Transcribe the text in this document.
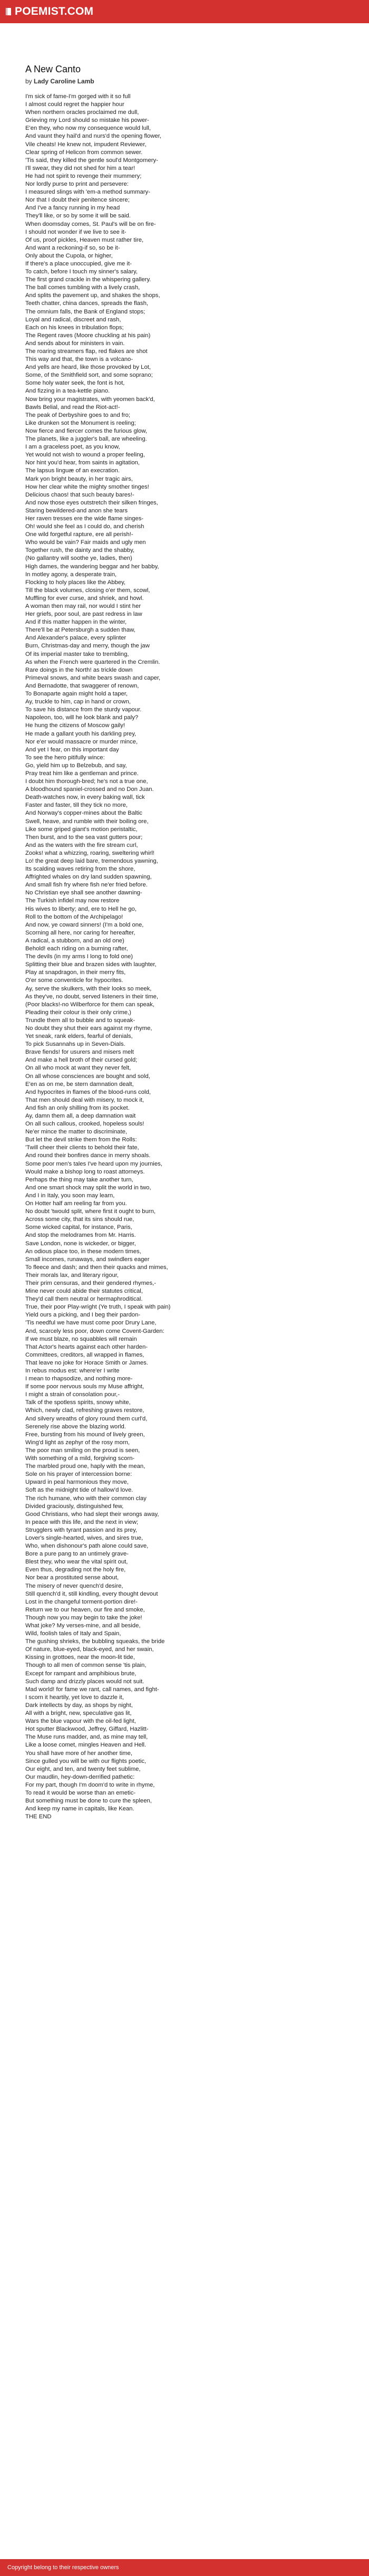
POEMIST.COM
A New Canto
by Lady Caroline Lamb
I'm sick of fame-I'm gorged with it so full
I almost could regret the happier hour
When northern oracles proclaimed me dull,
Grieving my Lord should so mistake his power-
E'en they, who now my consequence would lull,
And vaunt they hail'd and nurs'd the opening flower,
Vile cheats! He knew not, impudent Reviewer,
Clear spring of Helicon from common sewer.
'Tis said, they killed the gentle soul'd Montgomery-
I'll swear, they did not shed for him a tear!
He had not spirit to revenge their mummery;
Nor lordly purse to print and persevere:
I measured slings with 'em-a method summary-
Nor that I doubt their penitence sincere;
And I've a fancy running in my head
They'll like, or so by some it will be said.
When doomsday comes, St. Paul's will be on fire-
I should not wonder if we live to see it-
Of us, proof pickles, Heaven must rather tire,
And want a reckoning-if so, so be it-
Only about the Cupola, or higher,
If there's a place unoccupied, give me it-
To catch, before I touch my sinner's salary,
The first grand crackle in the whispering gallery.
The ball comes tumbling with a lively crash,
And splits the pavement up, and shakes the shops,
Teeth chatter, china dances, spreads the flash,
The omnium falls, the Bank of England stops;
Loyal and radical, discreet and rash,
Each on his knees in tribulation flops;
The Regent raves (Moore chuckling at his pain)
And sends about for ministers in vain.
The roaring streamers flap, red flakes are shot
This way and that, the town is a volcano-
And yells are heard, like those provoked by Lot,
Some, of the Smithfield sort, and some soprano;
Some holy water seek, the font is hot,
And fizzing in a tea-kettle piano.
Now bring your magistrates, with yeomen back'd,
Bawls Belial, and read the Riot-act!-
The peak of Derbyshire goes to and fro;
Like drunken sot the Monument is reeling;
Now fierce and fiercer comes the furious glow,
The planets, like a juggler's ball, are wheeling.
I am a graceless poet, as you know,
Yet would not wish to wound a proper feeling,
Nor hint you'd hear, from saints in agitation,
The lapsus linguæ of an execration.
Mark yon bright beauty, in her tragic airs,
How her clear white the mighty smother tinges!
Delicious chaos! that such beauty bares!-
And now those eyes outstretch their silken fringes,
Staring bewildered-and anon she tears
Her raven tresses ere the wide flame singes-
Oh! would she feel as I could do, and cherish
One wild forgetful rapture, ere all perish!-
Who would be vain? Fair maids and ugly men
Together rush, the dainty and the shabby,
(No gallantry will soothe ye, ladies, then)
High dames, the wandering beggar and her babby,
In motley agony, a desperate train,
Flocking to holy places like the Abbey,
Till the black volumes, closing o'er them, scowl,
Muffling for ever curse, and shriek, and howl.
A woman then may rail, nor would I stint her
Her griefs, poor soul, are past redress in law
And if this matter happen in the winter,
There'll be at Petersburgh a sudden thaw,
And Alexander's palace, every splinter
Burn, Christmas-day and merry, though the jaw
Of its imperial master take to trembling,
As when the French were quartered in the Cremlin.
Rare doings in the North! as trickle down
Primeval snows, and white bears swash and caper,
And Bernadotte, that swaggerer of renown,
To Bonaparte again might hold a taper,
Ay, truckle to him, cap in hand or crown,
To save his distance from the sturdy vapour.
Napoleon, too, will he look blank and paly?
He hung the citizens of Moscow gaily!
He made a gallant youth his darkling prey,
Nor e'er would massacre or murder mince,
And yet I fear, on this important day
To see the hero pitifully wince:
Go, yield him up to Belzebub, and say,
Pray treat him like a gentleman and prince.
I doubt him thorough-bred; he's not a true one,
A bloodhound spaniel-crossed and no Don Juan.
Death-watches now, in every baking wall, tick
Faster and faster, till they tick no more,
And Norway's copper-mines about the Baltic
Swell, heave, and rumble with their boiling ore,
Like some griped giant's motion peristaltic,
Then burst, and to the sea vast gutters pour;
And as the waters with the fire stream curl,
Zooks! what a whizzing, roaring, sweltering whirl!
Lo! the great deep laid bare, tremendous yawning,
Its scalding waves retiring from the shore,
Affrighted whales on dry land sudden spawning,
And small fish fry where fish ne'er fried before.
No Christian eye shall see another dawning-
The Turkish infidel may now restore
His wives to liberty; and, ere to Hell he go,
Roll to the bottom of the Archipelago!
And now, ye coward sinners! (I'm a bold one,
Scorning all here, nor caring for hereafter,
A radical, a stubborn, and an old one)
Behold! each riding on a burning rafter,
The devils (in my arms I long to fold one)
Splitting their blue and brazen sides with laughter,
Play at snapdragon, in their merry fits,
O'er some conventicle for hypocrites.
Ay, serve the skulkers, with their looks so meek,
As they've, no doubt, served listeners in their time,
(Poor blacks!-no Wilberforce for them can speak,
Pleading their colour is their only crime,)
Trundle them all to bubble and to squeak-
No doubt they shut their ears against my rhyme,
Yet sneak, rank elders, fearful of denials,
To pick Susannahs up in Seven-Dials.
Brave fiends! for usurers and misers melt
And make a hell broth of their cursed gold;
On all who mock at want they never felt,
On all whose consciences are bought and sold,
E'en as on me, be stern damnation dealt,
And hypocrites in flames of the blood-runs cold,
That men should deal with misery, to mock it,
And fish an only shilling from its pocket.
Ay, damn them all, a deep damnation wait
On all such callous, crooked, hopeless souls!
Ne'er mince the matter to discriminate,
But let the devil strike them from the Rolls:
'Twill cheer their clients to behold their fate,
And round their bonfires dance in merry shoals.
Some poor men's tales I've heard upon my journies,
Would make a bishop long to roast attorneys.
Perhaps the thing may take another turn,
And one smart shock may split the world in two,
And I in Italy, you soon may learn,
On Hotter half am reeling far from you.
No doubt 'twould split, where first it ought to burn,
Across some city, that its sins should rue,
Some wicked capital, for instance, Paris,
And stop the melodrames from Mr. Harris.
Save London, none is wickeder, or bigger,
An odious place too, in these modern times,
Small incomes, runaways, and swindlers eager
To fleece and dash; and then their quacks and mimes,
Their morals lax, and literary rigour,
Their prim censuras, and their gendered rhymes,-
Mine never could abide their statutes critical,
They'd call them neutral or hermaphroditical.
True, their poor Play-wright (Ye truth, I speak with pain)
Yield ours a picking, and I beg their pardon-
'Tis needful we have must come poor Drury Lane,
And, scarcely less poor, down come Covent-Garden:
If we must blaze, no squabbles will remain
That Actor's hearts against each other harden-
Committees, creditors, all wrapped in flames,
That leave no joke for Horace Smith or James.
In rebus modus est: where'er I write
I mean to rhapsodize, and nothing more-
If some poor nervous souls my Muse affright,
I might a strain of consolation pour,-
Talk of the spotless spirits, snowy white,
Which, newly clad, refreshing graves restore,
And silvery wreaths of glory round them curl'd,
Serenely rise above the blazing world.
Free, bursting from his mound of lively green,
Wing'd light as zephyr of the rosy morn,
The poor man smiling on the proud is seen,
With something of a mild, forgiving scorn-
The marbled proud one, haply with the mean,
Sole on his prayer of intercession borne:
Upward in peal harmonious they move,
Soft as the midnight tide of hallow'd love.
The rich humane, who with their common clay
Divided graciously, distinguished few,
Good Christians, who had slept their wrongs away,
In peace with this life, and the next in view;
Strugglers with tyrant passion and its prey,
Lover's single-hearted, wives, and sires true,
Who, when dishonour's path alone could save,
Bore a pure pang to an untimely grave-
Blest they, who wear the vital spirit out,
Even thus, degrading not the holy fire,
Nor bear a prostituted sense about,
The misery of never quench'd desire,
Still quench'd it, still kindling, every thought devout
Lost in the changeful torment-portion dire!-
Return we to our heaven, our fire and smoke,
Though now you may begin to take the joke!
What joke? My verses-mine, and all beside,
Wild, foolish tales of Italy and Spain,
The gushing shrieks, the bubbling squeaks, the bride
Of nature, blue-eyed, black-eyed, and her swain,
Kissing in grottoes, near the moon-lit tide,
Though to all men of common sense 'tis plain,
Except for rampant and amphibious brute,
Such damp and drizzly places would not suit.
Mad world! for fame we rant, call names, and fight-
I scorn it heartily, yet love to dazzle it,
Dark intellects by day, as shops by night,
All with a bright, new, speculative gas lit,
Wars the blue vapour with the oil-fed light,
Hot sputter Blackwood, Jeffrey, Giffard, Hazlitt-
The Muse runs madder, and, as mine may tell,
Like a loose comet, mingles Heaven and Hell.
You shall have more of her another time,
Since gulled you will be with our flights poetic,
Our eight, and ten, and twenty feet sublime,
Our maudlin, hey-down-derrified pathetic:
For my part, though I'm doom'd to write in rhyme,
To read it would be worse than an emetic-
But something must be done to cure the spleen,
And keep my name in capitals, like Kean.
THE END
Copyright belong to their respective owners
